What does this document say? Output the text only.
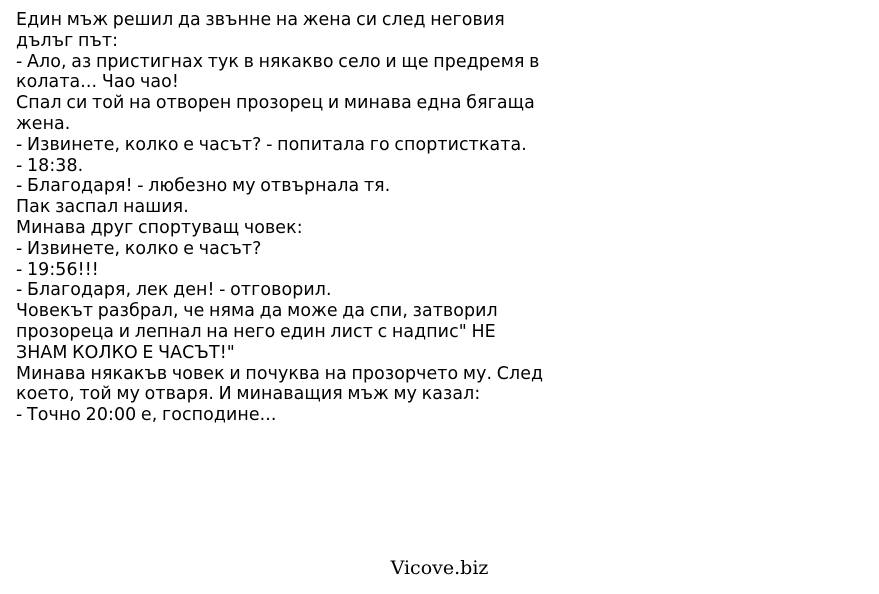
Един мъж решил да звънне на жена си след неговия
дълъг път:
- Ало, аз пристигнах тук в някакво село и ще предремя в
колата... Чао чао!
Спал си той на отворен прозорец и минава една бягаща
жена.
- Извинете, колко е часът? - попитала го спортистката.
- 18:38.
- Благодаря! - любезно му отвърнала тя.
Пак заспал нашия.
Минава друг спортуващ човек:
- Извинете, колко е часът?
- 19:56!!!
- Благодаря, лек ден! - отговорил.
Човекът разбрал, че няма да може да спи, затворил
прозореца и лепнал на него един лист с надпис" НЕ
ЗНАМ КОЛКО Е ЧАСЪТ!"
Минава някакъв човек и почуква на прозорчето му. След
което, той му отваря. И минаващия мъж му казал:
- Точно 20:00 е, господине...
Vicove.biz
